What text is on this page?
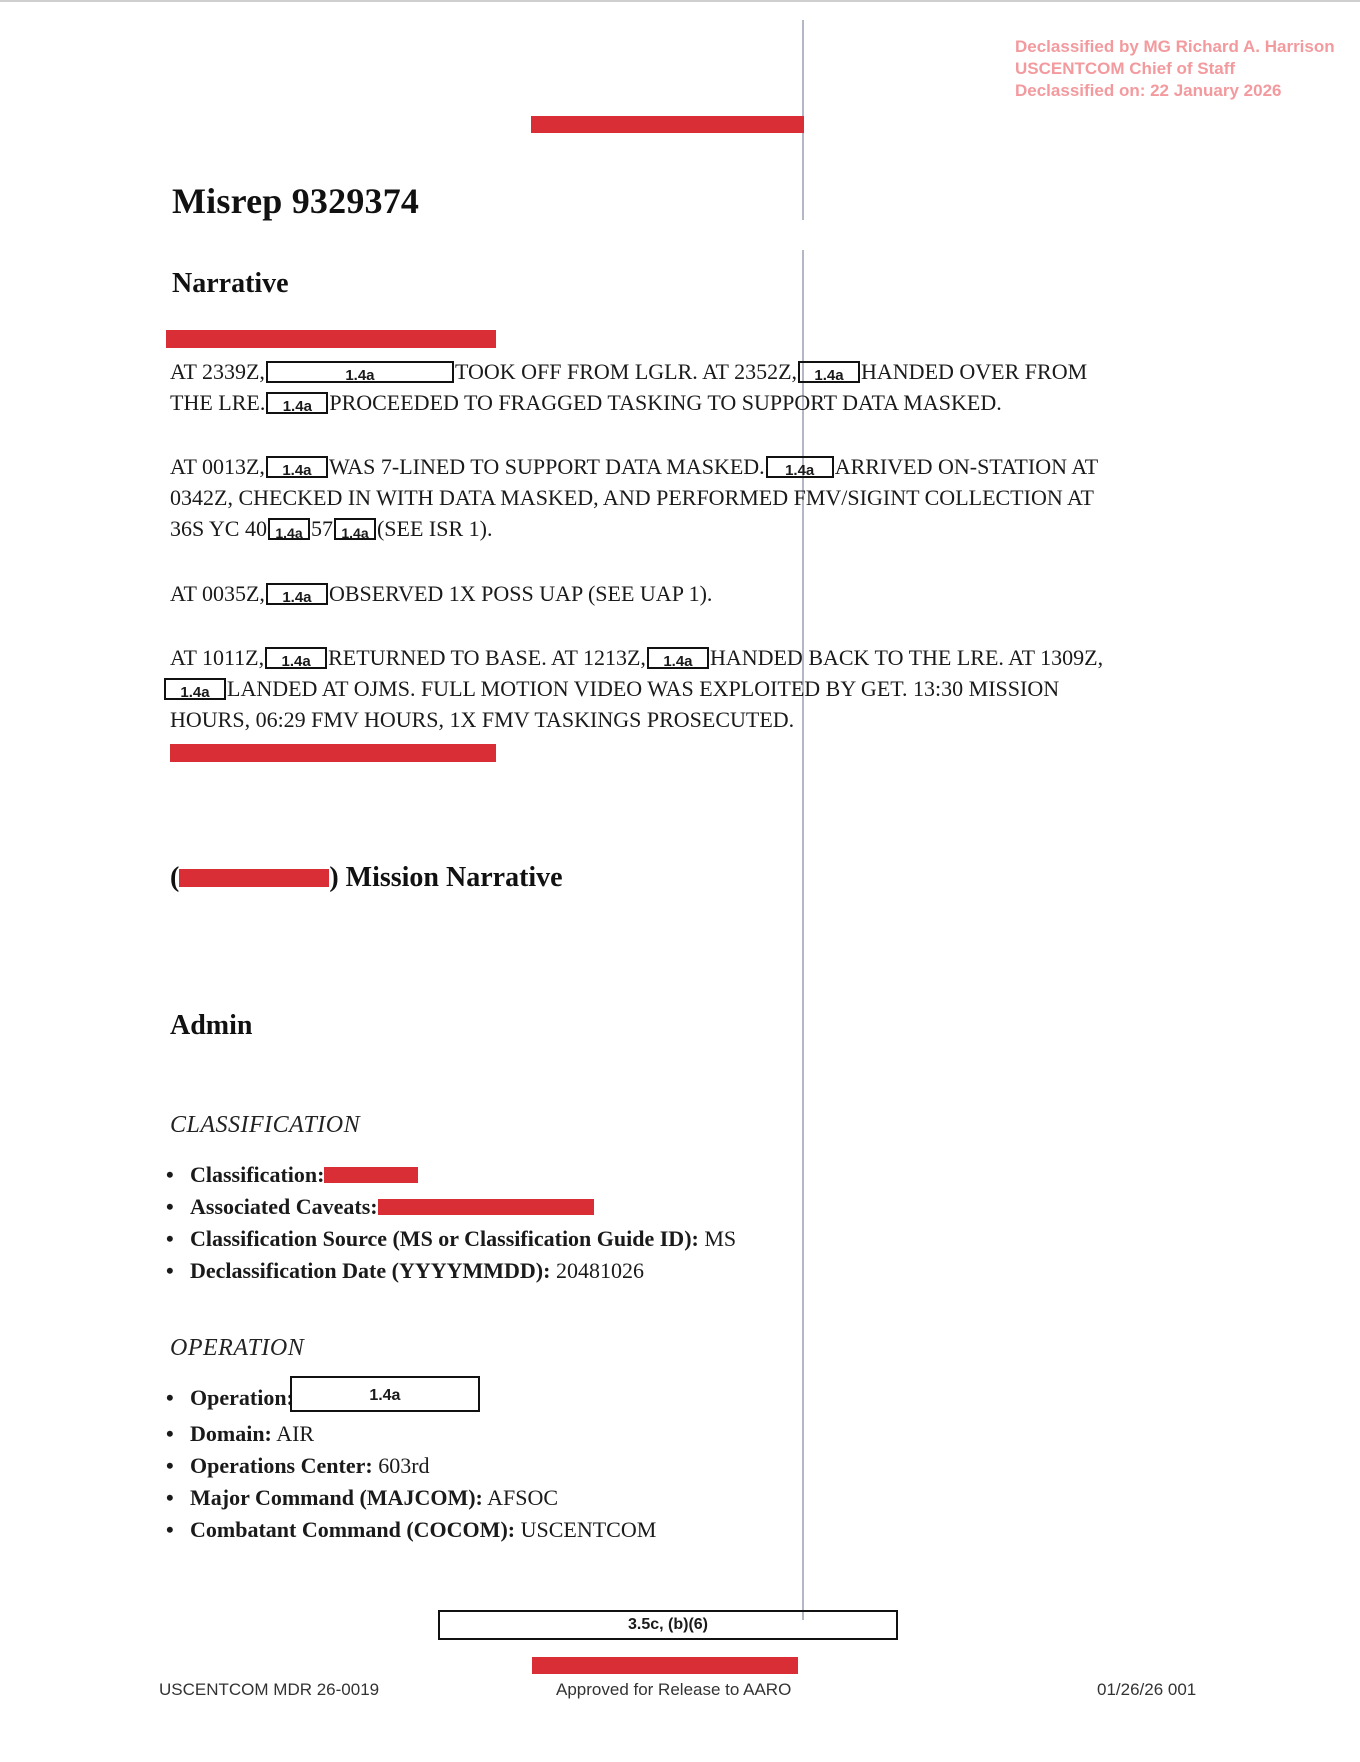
Declassified by MG Richard A. Harrison
USCENTCOM Chief of Staff
Declassified on: 22 January 2026
Misrep 9329374
Narrative
AT 2339Z,	1.4a	TOOK OFF FROM LGLR. AT 2352Z, 1.4a HANDED OVER FROM
THE LRE. 1.4a PROCEEDED TO FRAGGED TASKING TO SUPPORT DATA MASKED.
AT 0013Z, 1.4a WAS 7-LINED TO SUPPORT DATA MASKED. 1.4a ARRIVED ON-STATION AT
0342Z, CHECKED IN WITH DATA MASKED, AND PERFORMED FMV/SIGINT COLLECTION AT
36S YC 40 1.4a 57 1.4a (SEE ISR 1).
AT 0035Z, 1.4a OBSERVED 1X POSS UAP (SEE UAP 1).
AT 1011Z, 1.4a RETURNED TO BASE. AT 1213Z, 1.4a HANDED BACK TO THE LRE. AT 1309Z,
1.4a LANDED AT OJMS. FULL MOTION VIDEO WAS EXPLOITED BY GET. 13:30 MISSION
HOURS, 06:29 FMV HOURS, 1X FMV TASKINGS PROSECUTED.
(	) Mission Narrative
Admin
CLASSIFICATION
• Classification:
• Associated Caveats:
• Classification Source (MS or Classification Guide ID): MS
• Declassification Date (YYYYMMDD): 20481026
OPERATION
• Operation:	1.4a
• Domain: AIR
• Operations Center: 603rd
• Major Command (MAJCOM): AFSOC
• Combatant Command (COCOM): USCENTCOM
3.5c, (b)(6)
USCENTCOM MDR 26-0019	Approved for Release to AARO	01/26/26 001
